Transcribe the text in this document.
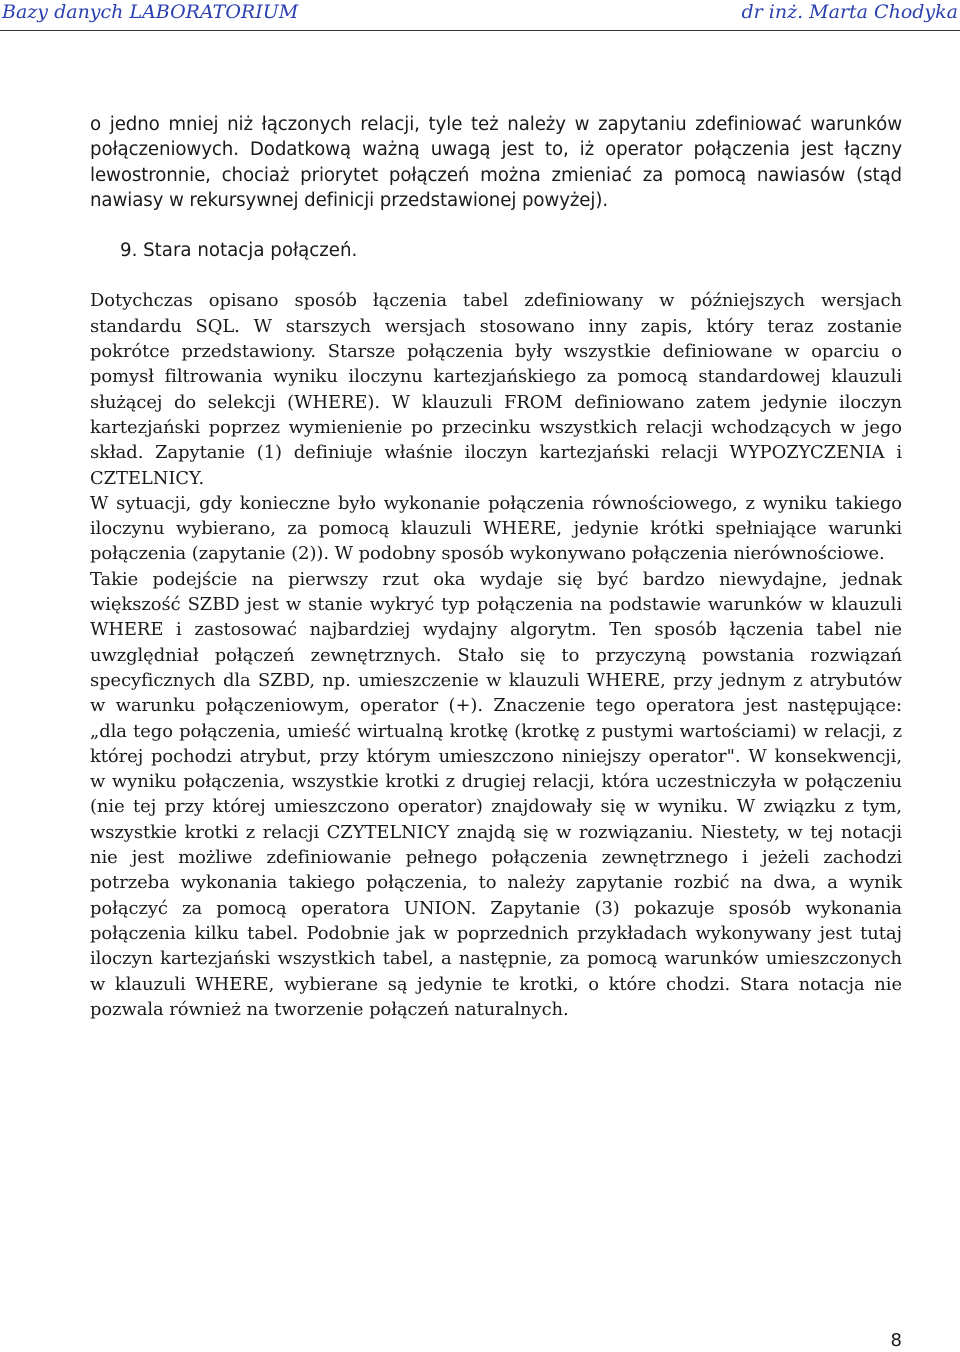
Bazy danych LABORATORIUM	dr inż. Marta Chodyka

o jedno mniej niż łączonych relacji, tyle też należy w zapytaniu zdefiniować warunków połączeniowych. Dodatkową ważną uwagą jest to, iż operator połączenia jest łączny lewostronnie, chociaż priorytet połączeń można zmieniać za pomocą nawiasów (stąd nawiasy w rekursywnej definicji przedstawionej powyżej).

9. Stara notacja połączeń.

Dotychczas opisano sposób łączenia tabel zdefiniowany w późniejszych wersjach standardu SQL. W starszych wersjach stosowano inny zapis, który teraz zostanie pokrótce przedstawiony. Starsze połączenia były wszystkie definiowane w oparciu o pomysł filtrowania wyniku iloczynu kartezjańskiego za pomocą standardowej klauzuli służącej do selekcji (WHERE). W klauzuli FROM definiowano zatem jedynie iloczyn kartezjański poprzez wymienienie po przecinku wszystkich relacji wchodzących w jego skład. Zapytanie (1) definiuje właśnie iloczyn kartezjański relacji WYPOZYCZENIA i CZTELNICY.

W sytuacji, gdy konieczne było wykonanie połączenia równościowego, z wyniku takiego iloczynu wybierano, za pomocą klauzuli WHERE, jedynie krótki spełniające warunki połączenia (zapytanie (2)). W podobny sposób wykonywano połączenia nierównościowe.

Takie podejście na pierwszy rzut oka wydaje się być bardzo niewydajne, jednak większość SZBD jest w stanie wykryć typ połączenia na podstawie warunków w klauzuli WHERE i zastosować najbardziej wydajny algorytm. Ten sposób łączenia tabel nie uwzględniał połączeń zewnętrznych. Stało się to przyczyną powstania rozwiązań specyficznych dla SZBD, np. umieszczenie w klauzuli WHERE, przy jednym z atrybutów w warunku połączeniowym, operator (+). Znaczenie tego operatora jest następujące: „dla tego połączenia, umieść wirtualną krotkę (krotkę z pustymi wartościami) w relacji, z której pochodzi atrybut, przy którym umieszczono niniejszy operator". W konsekwencji, w wyniku połączenia, wszystkie krotki z drugiej relacji, która uczestniczyła w połączeniu (nie tej przy której umieszczono operator) znajdowały się w wyniku. W związku z tym, wszystkie krotki z relacji CZYTELNICY znajdą się w rozwiązaniu. Niestety, w tej notacji nie jest możliwe zdefiniowanie pełnego połączenia zewnętrznego i jeżeli zachodzi potrzeba wykonania takiego połączenia, to należy zapytanie rozbić na dwa, a wynik połączyć za pomocą operatora UNION. Zapytanie (3) pokazuje sposób wykonania połączenia kilku tabel. Podobnie jak w poprzednich przykładach wykonywany jest tutaj iloczyn kartezjański wszystkich tabel, a następnie, za pomocą warunków umieszczonych w klauzuli WHERE, wybierane są jedynie te krotki, o które chodzi. Stara notacja nie pozwala również na tworzenie połączeń naturalnych.

8
